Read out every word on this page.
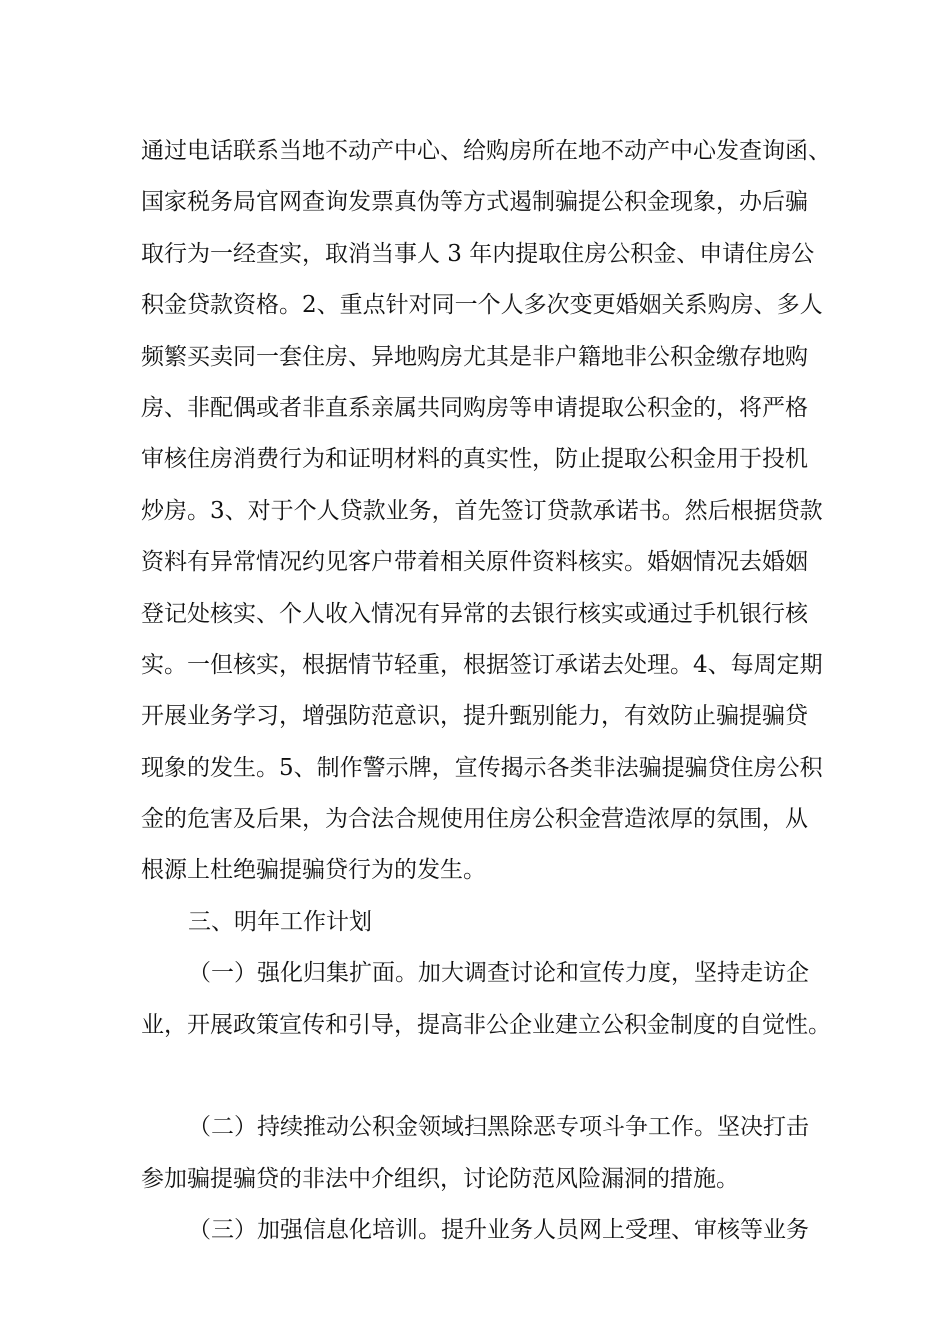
通过电话联系当地不动产中心、给购房所在地不动产中心发查询函、
国家税务局官网查询发票真伪等方式遏制骗提公积金现象，办后骗
取行为一经查实，取消当事人 3 年内提取住房公积金、申请住房公
积金贷款资格。2、重点针对同一个人多次变更婚姻关系购房、多人
频繁买卖同一套住房、异地购房尤其是非户籍地非公积金缴存地购
房、非配偶或者非直系亲属共同购房等申请提取公积金的，将严格
审核住房消费行为和证明材料的真实性，防止提取公积金用于投机
炒房。3、对于个人贷款业务，首先签订贷款承诺书。然后根据贷款
资料有异常情况约见客户带着相关原件资料核实。婚姻情况去婚姻
登记处核实、个人收入情况有异常的去银行核实或通过手机银行核
实。一但核实，根据情节轻重，根据签订承诺去处理。4、每周定期
开展业务学习，增强防范意识，提升甄别能力，有效防止骗提骗贷
现象的发生。5、制作警示牌，宣传揭示各类非法骗提骗贷住房公积
金的危害及后果，为合法合规使用住房公积金营造浓厚的氛围，从
根源上杜绝骗提骗贷行为的发生。
三、明年工作计划
（一）强化归集扩面。加大调查讨论和宣传力度，坚持走访企
业，开展政策宣传和引导，提高非公企业建立公积金制度的自觉性。
（二）持续推动公积金领域扫黑除恶专项斗争工作。坚决打击
参加骗提骗贷的非法中介组织，讨论防范风险漏洞的措施。
（三）加强信息化培训。提升业务人员网上受理、审核等业务
